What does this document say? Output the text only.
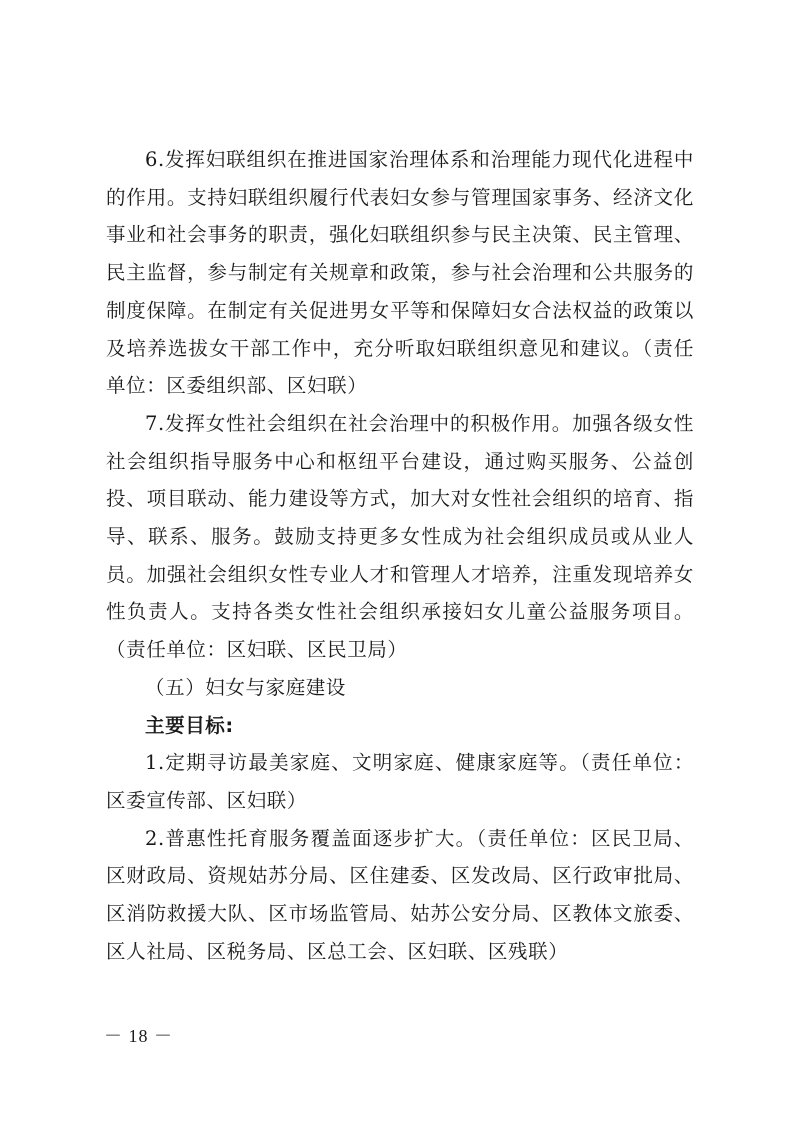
6.发挥妇联组织在推进国家治理体系和治理能力现代化进程中的作用。支持妇联组织履行代表妇女参与管理国家事务、经济文化事业和社会事务的职责，强化妇联组织参与民主决策、民主管理、民主监督，参与制定有关规章和政策，参与社会治理和公共服务的制度保障。在制定有关促进男女平等和保障妇女合法权益的政策以及培养选拔女干部工作中，充分听取妇联组织意见和建议。（责任单位：区委组织部、区妇联）

7.发挥女性社会组织在社会治理中的积极作用。加强各级女性社会组织指导服务中心和枢纽平台建设，通过购买服务、公益创投、项目联动、能力建设等方式，加大对女性社会组织的培育、指导、联系、服务。鼓励支持更多女性成为社会组织成员或从业人员。加强社会组织女性专业人才和管理人才培养，注重发现培养女性负责人。支持各类女性社会组织承接妇女儿童公益服务项目。（责任单位：区妇联、区民卫局）

（五）妇女与家庭建设

主要目标:

1.定期寻访最美家庭、文明家庭、健康家庭等。（责任单位：区委宣传部、区妇联）

2.普惠性托育服务覆盖面逐步扩大。（责任单位：区民卫局、区财政局、资规姑苏分局、区住建委、区发改局、区行政审批局、区消防救援大队、区市场监管局、姑苏公安分局、区教体文旅委、区人社局、区税务局、区总工会、区妇联、区残联）

－ 18 －
